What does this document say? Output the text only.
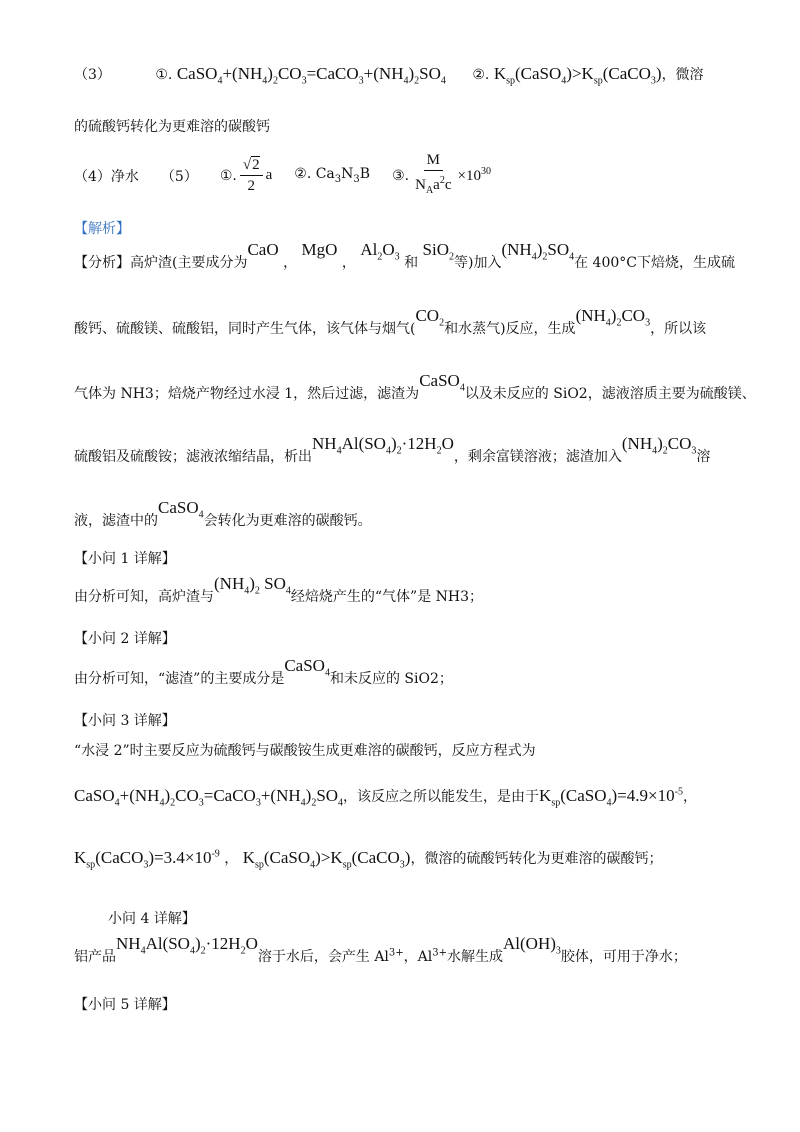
（3）	①. $CaSO_4+(NH_4)_2CO_3=CaCO_3+(NH_4)_2SO_4$ ②. $K_{sp}(CaSO_4)>K_{sp}(CaCO_3)$，微溶
的硫酸钙转化为更难溶的碳酸钙
（4）净水 （5） ①. $\frac{√2}{2}$ a ②. $Ca_3N_3B$ ③. $\frac{M}{N_Aa^2c} \times 10^{30}$
【解析】
【分析】高炉渣(主要成分为CaO ， MgO ， $Al_2O_3$ 和 SiO$_2$等)加入$(NH_4)_2SO_4$在 400°C下焙烧，生成硫
酸钙、硫酸镁、硫酸铝，同时产生气体，该气体与烟气($CO_2$和水蒸气)反应，生成$(NH_4)_2CO_3$，所以该
气体为 NH3；焙烧产物经过水浸 1，然后过滤，滤渣为CaSO$_4$以及未反应的 SiO2，滤液溶质主要为硫酸镁、
硫酸铝及硫酸铵；滤液浓缩结晶，析出$NH_4Al(SO_4)_2\cdot 12H_2O$，剩余富镁溶液；滤渣加入$(NH_4)_2CO_3$溶
液，滤渣中的CaSO$_4$会转化为更难溶的碳酸钙。
【小问 1 详解】
由分析可知，高炉渣与$(NH_4)_2$ $SO_4$经焙烧产生的“气体”是 NH3；
【小问 2 详解】
由分析可知，“滤渣”的主要成分是CaSO$_4$和未反应的 SiO2；
【小问 3 详解】
“水浸 2”时主要反应为硫酸钙与碳酸铵生成更难溶的碳酸钙，反应方程式为
$CaSO_4+(NH_4)_2CO_3=CaCO_3+(NH_4)_2SO_4$，该反应之所以能发生，是由于$K_{sp}(CaSO_4)=4.9\times 10^{-5}$，
$K_{sp}(CaCO_3)=3.4\times 10^{-9}$ ， $K_{sp}(CaSO_4)>K_{sp}(CaCO_3)$，微溶的硫酸钙转化为更难溶的碳酸钙；
小问 4 详解】
铝产品$NH_4Al(SO_4)_2\cdot 12H_2O$溶于水后，会产生 $Al^{3+}$，$Al^{3+}$水解生成$Al(OH)_3$胶体，可用于净水；
【小问 5 详解】
